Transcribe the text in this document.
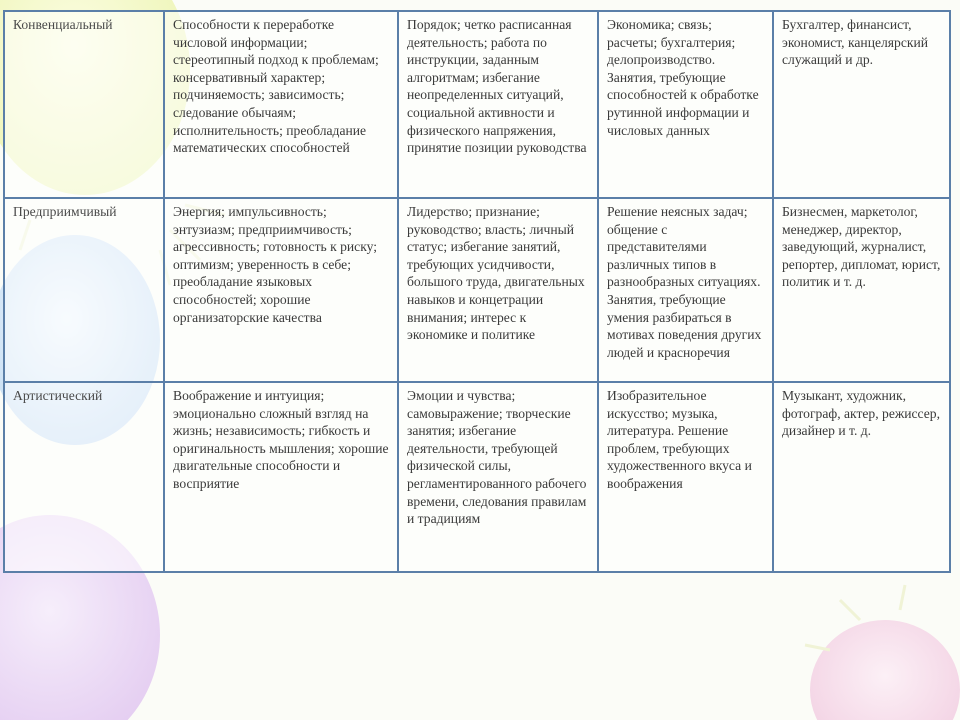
Конвенциальный	Способности к переработке числовой информации; стереотипный подход к проблемам; консервативный характер; подчиняемость; зависимость; следование обычаям; исполнительность; преобладание математических способностей	Порядок; четко расписанная деятельность; работа по инструкции, заданным алгоритмам; избегание неопределенных ситуаций, социальной активности и физического напряжения, принятие позиции руководства	Экономика; связь; расчеты; бухгалтерия; делопроизводство. Занятия, требующие способностей к обработке рутинной информации и числовых данных	Бухгалтер, финансист, экономист, канцелярский служащий и др.
Предприимчивый	Энергия; импульсивность; энтузиазм; предприимчивость; агрессивность; готовность к риску; оптимизм; уверенность в себе; преобладание языковых способностей; хорошие организаторские качества	Лидерство; признание; руководство; власть; личный статус; избегание занятий, требующих усидчивости, большого труда, двигательных навыков и концетрации внимания; интерес к экономике и политике	Решение неясных задач; общение с представителями различных типов в разнообразных ситуациях. Занятия, требующие умения разбираться в мотивах поведения других людей и красноречия	Бизнесмен, маркетолог, менеджер, директор, заведующий, журналист, репортер, дипломат, юрист, политик и т. д.
Артистический	Воображение и интуиция; эмоционально сложный взгляд на жизнь; независимость; гибкость и оригинальность мышления; хорошие двигательные способности и восприятие	Эмоции и чувства; самовыражение; творческие занятия; избегание деятельности, требующей физической силы, регламентированного рабочего времени, следования правилам и традициям	Изобразительное искусство; музыка, литература. Решение проблем, требующих художественного вкуса и воображения	Музыкант, художник, фотограф, актер, режиссер, дизайнер и т. д.
